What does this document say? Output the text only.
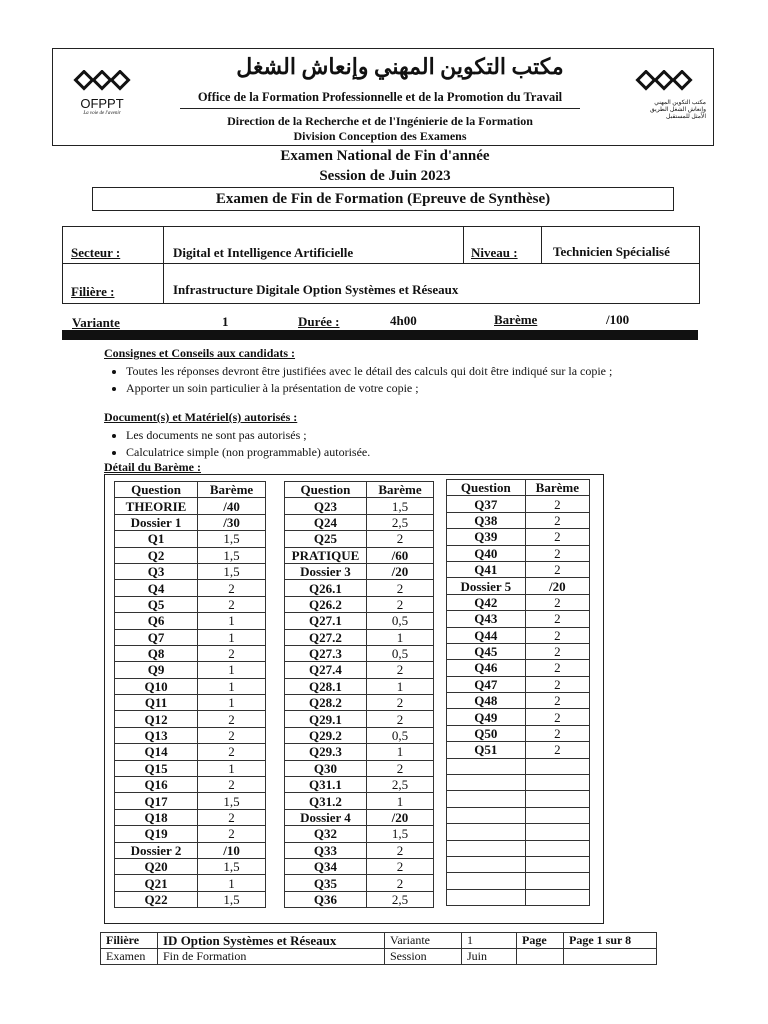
OFPPT
La voie de l'avenir
مكتب التكوين المهني وإنعاش الشغل الطريق الأمثل للمستقبل
مكتب التكوين المهني وإنعاش الشغل
Office de la Formation Professionnelle et de la Promotion du Travail
Direction de la Recherche et de l'Ingénierie de la Formation
Division Conception des Examens
Examen National de Fin d'année
Session de Juin 2023
Examen de Fin de Formation (Epreuve de Synthèse)
Secteur :	Digital et Intelligence Artificielle	Niveau :	Technicien Spécialisé
Filière :	Infrastructure Digitale Option Systèmes et Réseaux
Variante	1	Durée :	4h00	Barème	/100
Consignes et Conseils aux candidats :
• Toutes les réponses devront être justifiées avec le détail des calculs qui doit être indiqué sur la copie ;
• Apporter un soin particulier à la présentation de votre copie ;
Document(s) et Matériel(s) autorisés :
• Les documents ne sont pas autorisés ;
• Calculatrice simple (non programmable) autorisée.
Détail du Barème :
Question	Barème
THEORIE	/40
Dossier 1	/30
Q1	1,5
Q2	1,5
Q3	1,5
Q4	2
Q5	2
Q6	1
Q7	1
Q8	2
Q9	1
Q10	1
Q11	1
Q12	2
Q13	2
Q14	2
Q15	1
Q16	2
Q17	1,5
Q18	2
Q19	2
Dossier 2	/10
Q20	1,5
Q21	1
Q22	1,5
Question	Barème
Q23	1,5
Q24	2,5
Q25	2
PRATIQUE	/60
Dossier 3	/20
Q26.1	2
Q26.2	2
Q27.1	0,5
Q27.2	1
Q27.3	0,5
Q27.4	2
Q28.1	1
Q28.2	2
Q29.1	2
Q29.2	0,5
Q29.3	1
Q30	2
Q31.1	2,5
Q31.2	1
Dossier 4	/20
Q32	1,5
Q33	2
Q34	2
Q35	2
Q36	2,5
Question	Barème
Q37	2
Q38	2
Q39	2
Q40	2
Q41	2
Dossier 5	/20
Q42	2
Q43	2
Q44	2
Q45	2
Q46	2
Q47	2
Q48	2
Q49	2
Q50	2
Q51	2

Filière	ID Option Systèmes et Réseaux	Variante	1	Page	Page 1 sur 8
Examen	Fin de Formation	Session	Juin		
